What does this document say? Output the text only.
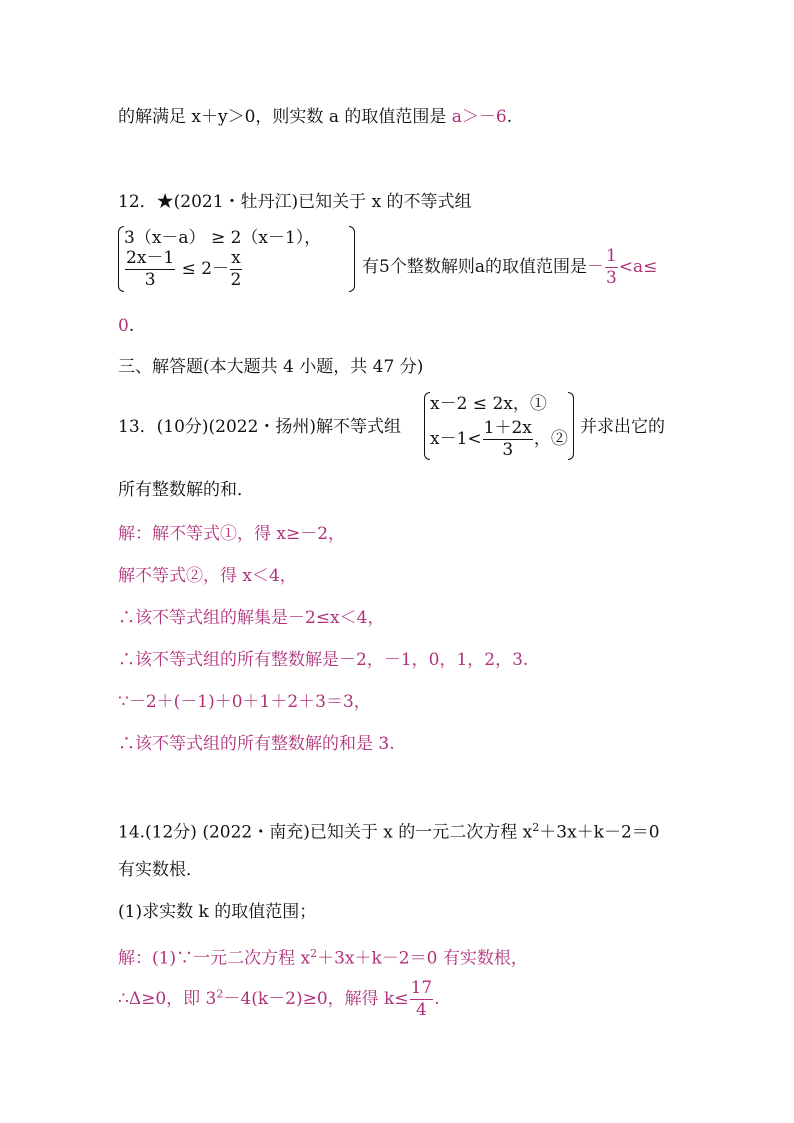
的解满足 x＋y＞0，则实数 a 的取值范围是 a＞－6.
12．★(2021・牡丹江)已知关于 x 的不等式组
3（x－a） ≥ 2（x－1），
$\frac{2x-1}{3} \le 2- \frac{x}{2}$	有5个整数解则a的取值范围是－ $\frac{1}{3} <a\le$
0.
三、解答题(本大题共 4 小题，共 47 分)
13．(10分)(2022・扬州)解不等式组
x－2 ≤ 2x，①
$x-1< \frac{1+2x}{3}$ ，②
并求出它的
所有整数解的和．
解：解不等式①，得 x≥－2，
解不等式②，得 x＜4，
∴该不等式组的解集是－2≤x＜4，
∴该不等式组的所有整数解是－2，－1，0，1，2，3.
∵－2＋(－1)＋0＋1＋2＋3＝3，
∴该不等式组的所有整数解的和是 3.
14.(12分) (2022・南充)已知关于 x 的一元二次方程 $x^2+3x+k-2=0$
有实数根．
(1)求实数 k 的取值范围；
解：(1)∵一元二次方程 $x^2+3x+k-2=0$ 有实数根，
∴Δ≥0，即 $3^2-4(k-2)\ge 0$，解得 $k\le \frac{17}{4}$ .
